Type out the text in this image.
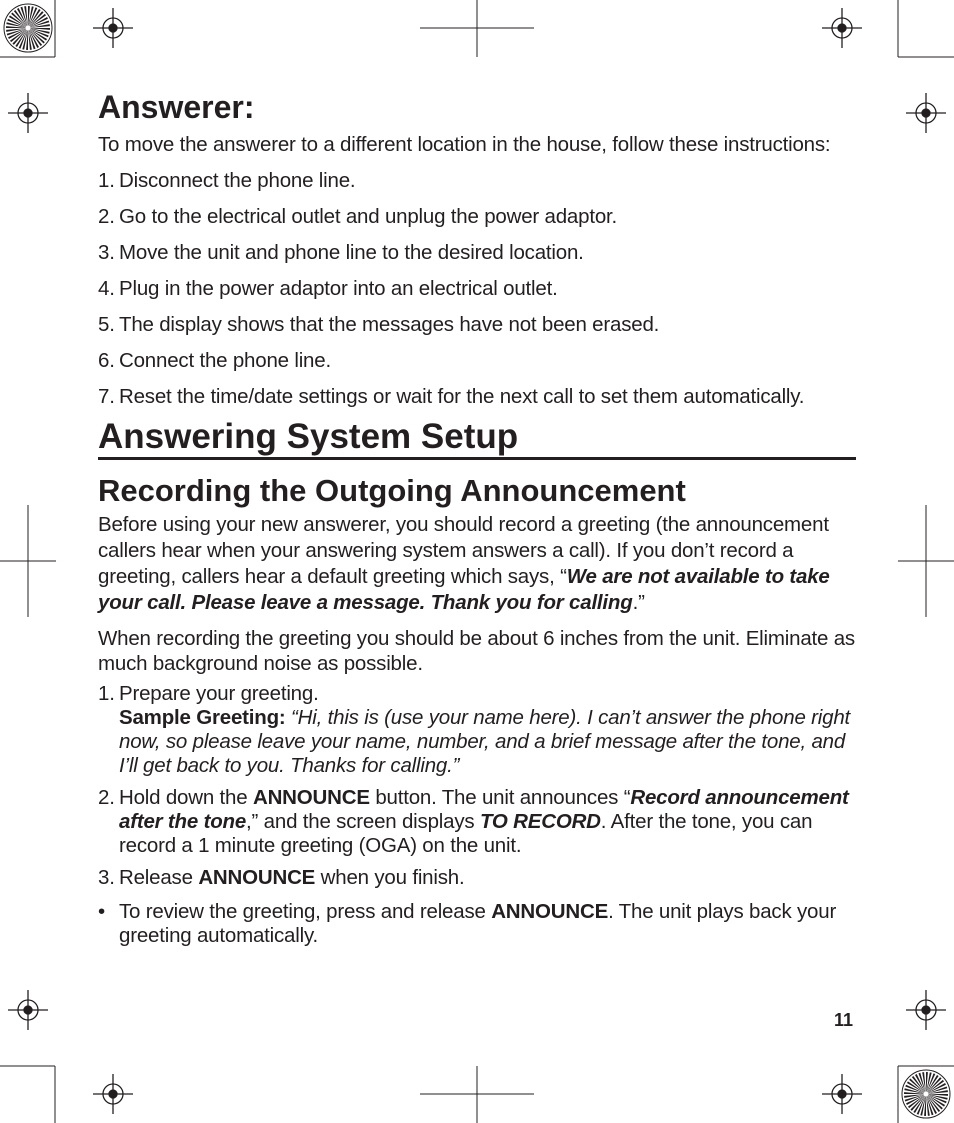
Answerer:

To move the answerer to a different location in the house, follow these instructions:

1. Disconnect the phone line.
2. Go to the electrical outlet and unplug the power adaptor.
3. Move the unit and phone line to the desired location.
4. Plug in the power adaptor into an electrical outlet.
5. The display shows that the messages have not been erased.
6. Connect the phone line.
7. Reset the time/date settings or wait for the next call to set them automatically.
Answering System Setup
Recording the Outgoing Announcement

Before using your new answerer, you should record a greeting (the announcement callers hear when your answering system answers a call). If you don’t record a greeting, callers hear a default greeting which says, “We are not available to take your call. Please leave a message. Thank you for calling.”

When recording the greeting you should be about 6 inches from the unit. Eliminate as much background noise as possible.

1. Prepare your greeting.
Sample Greeting: “Hi, this is (use your name here). I can’t answer the phone right now, so please leave your name, number, and a brief message after the tone, and I’ll get back to you. Thanks for calling.”
2. Hold down the ANNOUNCE button. The unit announces “Record announcement after the tone,” and the screen displays TO RECORD. After the tone, you can record a 1 minute greeting (OGA) on the unit.
3. Release ANNOUNCE when you finish.
• To review the greeting, press and release ANNOUNCE. The unit plays back your greeting automatically.
11
